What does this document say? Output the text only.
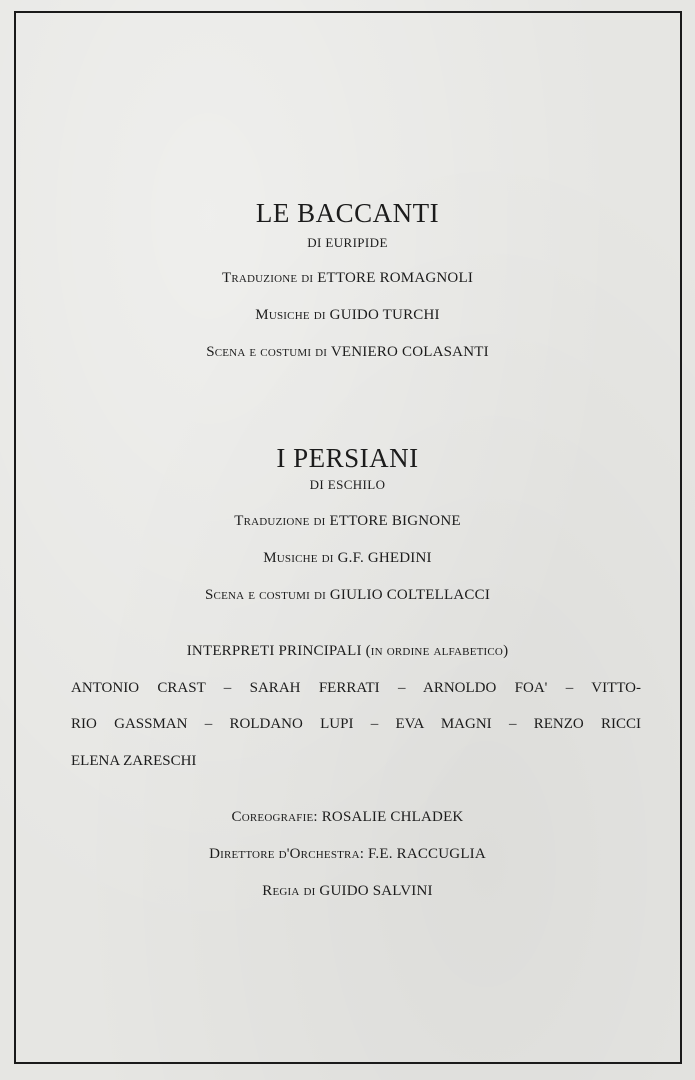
LE BACCANTI
DI EURIPIDE
Traduzione di ETTORE ROMAGNOLI
Musiche di GUIDO TURCHI
Scena e costumi di VENIERO COLASANTI
I PERSIANI
DI ESCHILO
Traduzione di ETTORE BIGNONE
Musiche di G.F. GHEDINI
Scena e costumi di GIULIO COLTELLACCI
INTERPRETI PRINCIPALI (in ordine alfabetico)
ANTONIO CRAST – SARAH FERRATI – ARNOLDO FOA' – VITTO-
RIO GASSMAN – ROLDANO LUPI – EVA MAGNI – RENZO RICCI
ELENA ZARESCHI
Coreografie: ROSALIE CHLADEK
Direttore d'Orchestra: F.E. RACCUGLIA
Regia di GUIDO SALVINI
